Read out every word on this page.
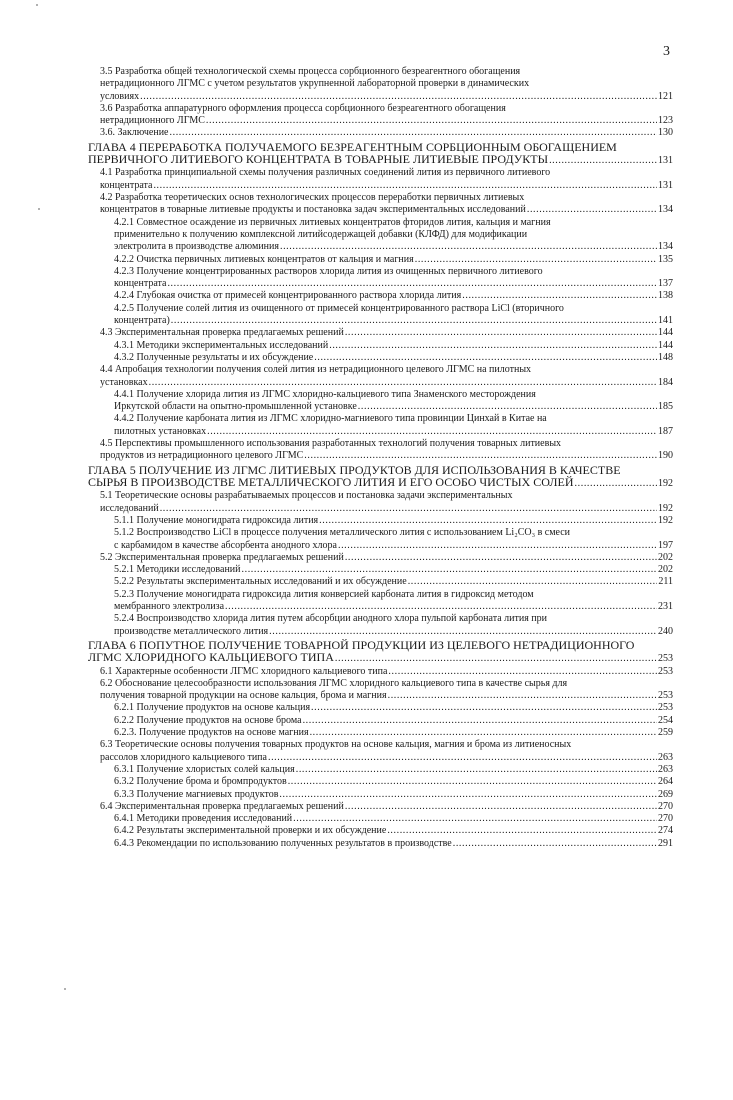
3
3.5 Разработка общей технологической схемы процесса сорбционного безреагентного обогащения
нетрадиционного ЛГМС с учетом результатов укрупненной лабораторной проверки в динамических
условиях .....	121
3.6 Разработка аппаратурного оформления процесса сорбционного безреагентного обогащения
нетрадиционного ЛГМС .....	123
3.6. Заключение .....	130
ГЛАВА 4 ПЕРЕРАБОТКА ПОЛУЧАЕМОГО БЕЗРЕАГЕНТНЫМ СОРБЦИОННЫМ ОБОГАЩЕНИЕМ
ПЕРВИЧНОГО ЛИТИЕВОГО КОНЦЕНТРАТА В ТОВАРНЫЕ ЛИТИЕВЫЕ ПРОДУКТЫ .....	131
4.1 Разработка принципиальной схемы получения различных соединений лития из первичного литиевого
концентрата .....	131
4.2 Разработка теоретических основ технологических процессов переработки первичных литиевых
концентратов в товарные литиевые продукты и постановка задач экспериментальных исследований .....	134
4.2.1 Совместное осаждение из первичных литиевых концентратов фторидов лития, кальция и магния
применительно к получению комплексной литийсодержащей добавки (КЛФД) для модификации
электролита в производстве алюминия .....	134
4.2.2 Очистка первичных литиевых концентратов от кальция и магния .....	135
4.2.3 Получение концентрированных растворов хлорида лития из очищенных первичного литиевого
концентрата .....	137
4.2.4 Глубокая очистка от примесей концентрированного раствора хлорида лития .....	138
4.2.5 Получение солей лития из очищенного от примесей концентрированного раствора LiCl (вторичного
концентрата) .....	141
4.3 Экспериментальная проверка предлагаемых решений .....	144
4.3.1 Методики экспериментальных исследований .....	144
4.3.2 Полученные результаты и их обсуждение .....	148
4.4 Апробация технологии получения солей лития из нетрадиционного целевого ЛГМС на пилотных
установках .....	184
4.4.1 Получение хлорида лития из ЛГМС хлоридно-кальциевого типа Знаменского месторождения
Иркутской области на опытно-промышленной установке .....	185
4.4.2 Получение карбоната лития из ЛГМС хлоридно-магниевого типа провинции Цинхай в Китае на
пилотных установках .....	187
4.5 Перспективы промышленного использования разработанных технологий получения товарных литиевых
продуктов из нетрадиционного целевого ЛГМС .....	190
ГЛАВА 5 ПОЛУЧЕНИЕ ИЗ ЛГМС ЛИТИЕВЫХ ПРОДУКТОВ ДЛЯ ИСПОЛЬЗОВАНИЯ В КАЧЕСТВЕ
СЫРЬЯ В ПРОИЗВОДСТВЕ МЕТАЛЛИЧЕСКОГО ЛИТИЯ И ЕГО ОСОБО ЧИСТЫХ СОЛЕЙ .....	192
5.1 Теоретические основы разрабатываемых процессов и постановка задачи экспериментальных
исследований .....	192
5.1.1 Получение моногидрата гидроксида лития .....	192
5.1.2 Воспроизводство LiCl в процессе получения металлического лития с использованием Li₂CO₃ в смеси
с карбамидом в качестве абсорбента анодного хлора .....	197
5.2 Экспериментальная проверка предлагаемых решений .....	202
5.2.1 Методики исследований .....	202
5.2.2 Результаты экспериментальных исследований и их обсуждение .....	211
5.2.3 Получение моногидрата гидроксида лития конверсией карбоната лития в гидроксид методом
мембранного электролиза .....	231
5.2.4 Воспроизводство хлорида лития путем абсорбции анодного хлора пульпой карбоната лития при
производстве металлического лития .....	240
ГЛАВА 6 ПОПУТНОЕ ПОЛУЧЕНИЕ ТОВАРНОЙ ПРОДУКЦИИ ИЗ ЦЕЛЕВОГО НЕТРАДИЦИОННОГО
ЛГМС ХЛОРИДНОГО КАЛЬЦИЕВОГО ТИПА .....	253
6.1 Характерные особенности ЛГМС хлоридного кальциевого типа .....	253
6.2 Обоснование целесообразности использования ЛГМС хлоридного кальциевого типа в качестве сырья для
получения товарной продукции на основе кальция, брома и магния .....	253
6.2.1 Получение продуктов на основе кальция .....	253
6.2.2 Получение продуктов на основе брома .....	254
6.2.3. Получение продуктов на основе магния .....	259
6.3 Теоретические основы получения товарных продуктов на основе кальция, магния и брома из литиеносных
рассолов хлоридного кальциевого типа .....	263
6.3.1 Получение хлористых солей кальция .....	263
6.3.2 Получение брома и бромпродуктов .....	264
6.3.3 Получение магниевых продуктов .....	269
6.4 Экспериментальная проверка предлагаемых решений .....	270
6.4.1 Методики проведения исследований .....	270
6.4.2 Результаты экспериментальной проверки и их обсуждение .....	274
6.4.3 Рекомендации по использованию полученных результатов в производстве .....	291
